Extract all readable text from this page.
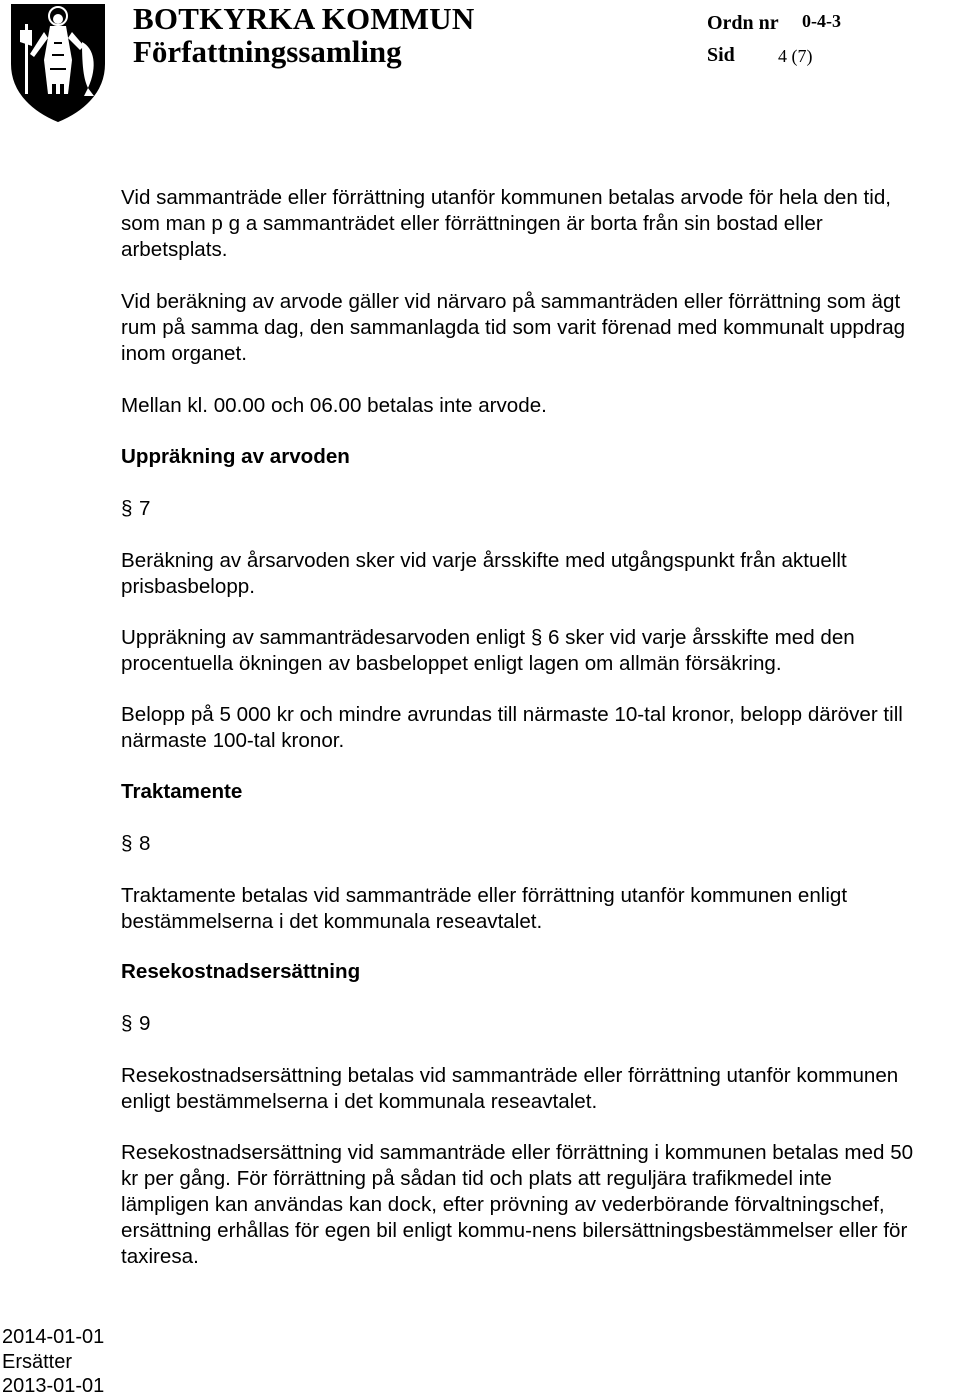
BOTKYRKA KOMMUN
Författningssamling
Ordn nr 0-4-3
Sid 4 (7)

Vid sammanträde eller förrättning utanför kommunen betalas arvode för hela den tid, som man p g a sammanträdet eller förrättningen är borta från sin bostad eller arbetsplats.

Vid beräkning av arvode gäller vid närvaro på sammanträden eller förrättning som ägt rum på samma dag, den sammanlagda tid som varit förenad med kommunalt uppdrag inom organet.

Mellan kl. 00.00 och 06.00 betalas inte arvode.

Uppräkning av arvoden
§ 7

Beräkning av årsarvoden sker vid varje årsskifte med utgångspunkt från aktuellt prisbasbelopp.

Uppräkning av sammanträdesarvoden enligt § 6 sker vid varje årsskifte med den procentuella ökningen av basbeloppet enligt lagen om allmän försäkring.

Belopp på 5 000 kr och mindre avrundas till närmaste 10-tal kronor, belopp däröver till närmaste 100-tal kronor.

Traktamente
§ 8

Traktamente betalas vid sammanträde eller förrättning utanför kommunen enligt bestämmelserna i det kommunala reseavtalet.

Resekostnadsersättning
§ 9

Resekostnadsersättning betalas vid sammanträde eller förrättning utanför kommunen enligt bestämmelserna i det kommunala reseavtalet.

Resekostnadsersättning vid sammanträde eller förrättning i kommunen betalas med 50 kr per gång. För förrättning på sådan tid och plats att reguljära trafikmedel inte lämpligen kan användas kan dock, efter prövning av vederbörande förvaltningschef, ersättning erhållas för egen bil enligt kommu-nens bilersättningsbestämmelser eller för taxiresa.

2014-01-01
Ersätter
2013-01-01
